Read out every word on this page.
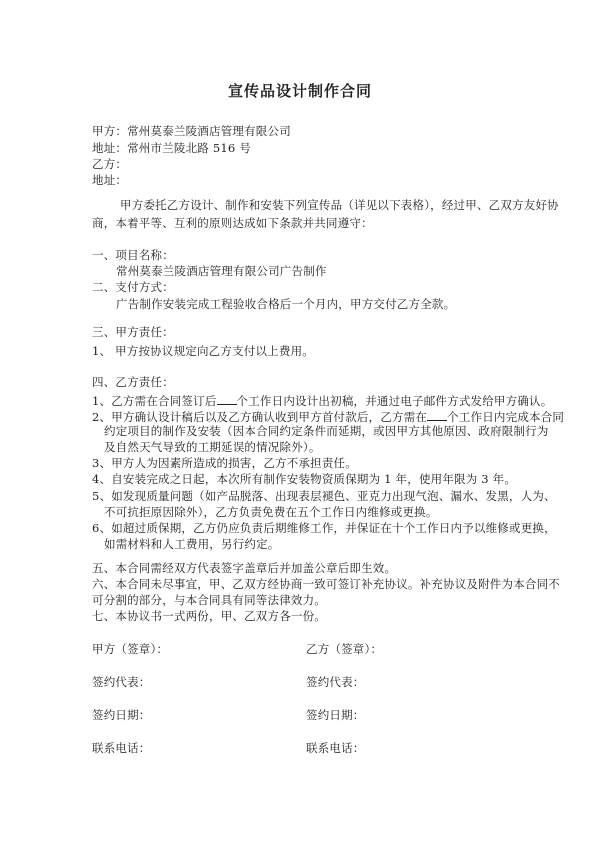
宣传品设计制作合同
甲方：常州莫泰兰陵酒店管理有限公司
地址：常州市兰陵北路 516 号
乙方：
地址：
甲方委托乙方设计、制作和安装下列宣传品（详见以下表格），经过甲、乙双方友好协
商，本着平等、互利的原则达成如下条款并共同遵守：
一、项目名称：
常州莫泰兰陵酒店管理有限公司广告制作
二、支付方式：
广告制作安装完成工程验收合格后一个月内，甲方交付乙方全款。
三、甲方责任：
1、 甲方按协议规定向乙方支付以上费用。
四、乙方责任：
1、乙方需在合同签订后 个工作日内设计出初稿，并通过电子邮件方式发给甲方确认。
2、甲方确认设计稿后以及乙方确认收到甲方首付款后，乙方需在 个工作日内完成本合同
约定项目的制作及安装（因本合同约定条件而延期，或因甲方其他原因、政府限制行为
及自然天气导致的工期延误的情况除外）。
3、甲方人为因素所造成的损害，乙方不承担责任。
4、自安装完成之日起，本次所有制作安装物资质保期为 1 年，使用年限为 3 年。
5、如发现质量问题（如产品脱落、出现表层褪色、亚克力出现气泡、漏水、发黑，人为、
不可抗拒原因除外），乙方负责免费在五个工作日内维修或更换。
6、如超过质保期，乙方仍应负责后期维修工作，并保证在十个工作日内予以维修或更换，
如需材料和人工费用，另行约定。
五、本合同需经双方代表签字盖章后并加盖公章后即生效。
六、本合同未尽事宜，甲、乙双方经协商一致可签订补充协议。补充协议及附件为本合同不
可分割的部分，与本合同具有同等法律效力。
七、本协议书一式两份，甲、乙双方各一份。
甲方（签章）：	乙方（签章）：
签约代表：	签约代表：
签约日期：	签约日期：
联系电话：	联系电话：
